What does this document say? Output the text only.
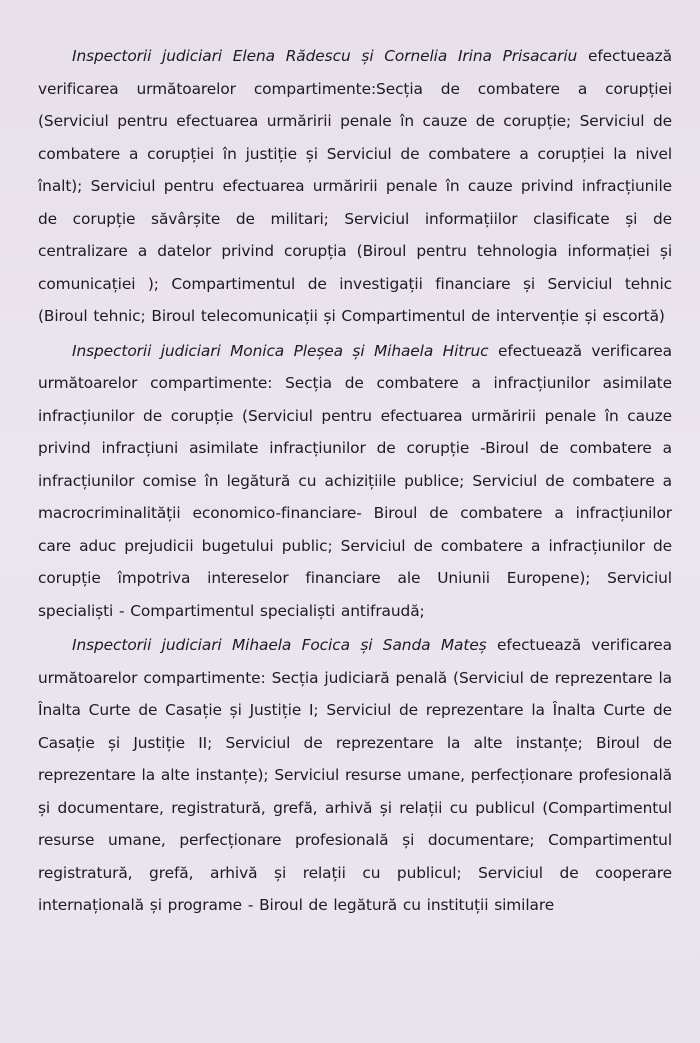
Inspectorii judiciari Elena Rădescu și Cornelia Irina Prisacariu efectuează verificarea următoarelor compartimente:Secția de combatere a corupției (Serviciul pentru efectuarea urmăririi penale în cauze de corupție; Serviciul de combatere a corupției în justiție și Serviciul de combatere a corupției la nivel înalt); Serviciul pentru efectuarea urmăririi penale în cauze privind infracțiunile de corupție săvârșite de militari; Serviciul informațiilor clasificate și de centralizare a datelor privind corupția (Biroul pentru tehnologia informației și comunicației ); Compartimentul de investigații financiare și Serviciul tehnic (Biroul tehnic; Biroul telecomunicații și Compartimentul de intervenție și escortă)

Inspectorii judiciari Monica Pleșea și Mihaela Hitruc efectuează verificarea următoarelor compartimente: Secția de combatere a infracțiunilor asimilate infracțiunilor de corupție (Serviciul pentru efectuarea urmăririi penale în cauze privind infracțiuni asimilate infracțiunilor de corupție -Biroul de combatere a infracțiunilor comise în legătură cu achizițiile publice; Serviciul de combatere a macrocriminalității economico-financiare- Biroul de combatere a infracțiunilor care aduc prejudicii bugetului public; Serviciul de combatere a infracțiunilor de corupție împotriva intereselor financiare ale Uniunii Europene); Serviciul specialiști - Compartimentul specialiști antifraudă;

Inspectorii judiciari Mihaela Focica și Sanda Mateș efectuează verificarea următoarelor compartimente: Secția judiciară penală (Serviciul de reprezentare la Înalta Curte de Casație și Justiție I; Serviciul de reprezentare la Înalta Curte de Casație și Justiție II; Serviciul de reprezentare la alte instanțe; Biroul de reprezentare la alte instanțe); Serviciul resurse umane, perfecționare profesională și documentare, registratură, grefă, arhivă și relații cu publicul (Compartimentul resurse umane, perfecționare profesională și documentare; Compartimentul registratură, grefă, arhivă și relații cu publicul; Serviciul de cooperare internațională și programe - Biroul de legătură cu instituții similare
